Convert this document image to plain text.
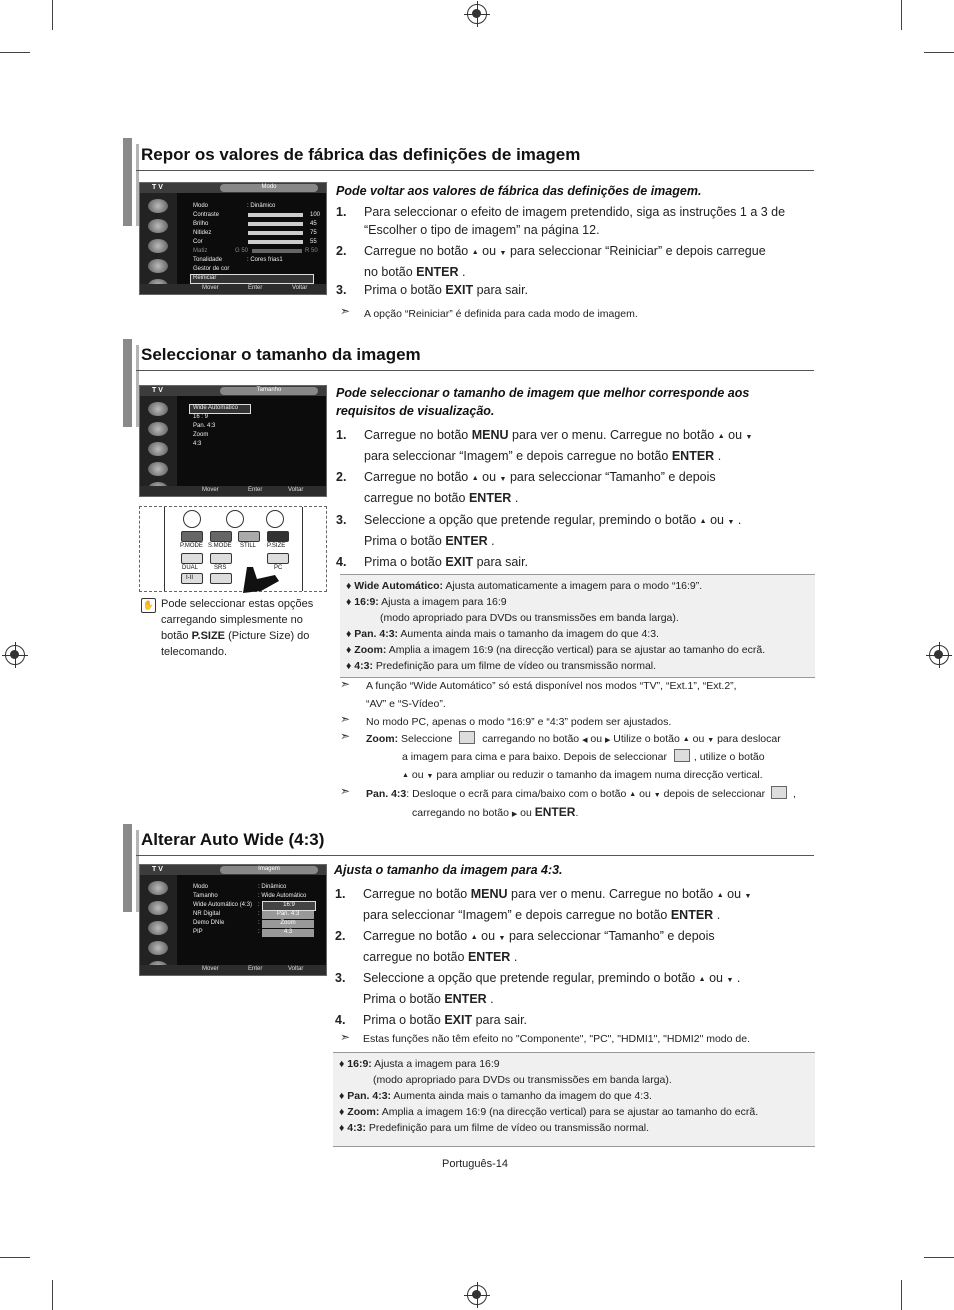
Repor os valores de fábrica das definições de imagem
T V	Modo
Modo
Contraste
Brilho
Nitidez
Cor
Matiz
Tonalidade
Gestor de cor
Reiniciar
: Dinâmico
100
45
75
55
G 50	R 50
: Cores frias1
Mover	Enter	Voltar
Pode voltar aos valores de fábrica das definições de imagem.
1. Para seleccionar o efeito de imagem pretendido, siga as instruções 1 a 3 de
“Escolher o tipo de imagem” na página 12.
2. Carregue no botão ▲ ou ▼ para seleccionar “Reiniciar” e depois carregue
no botão ENTER .
3. Prima o botão EXIT para sair.
➣ A opção “Reiniciar” é definida para cada modo de imagem.
Seleccionar o tamanho da imagem
T V	Tamanho
Wide Automático
16 : 9
Pan. 4:3
Zoom
4:3
Mover	Enter	Voltar
P.MODE S.MODE STILL P.SIZE
DUAL	SRS	PC
I-II
✋ Pode seleccionar estas opções
carregando simplesmente no
botão P.SIZE (Picture Size) do
telecomando.
Pode seleccionar o tamanho de imagem que melhor corresponde aos
requisitos de visualização.
1. Carregue no botão MENU para ver o menu. Carregue no botão ▲ ou ▼
para seleccionar “Imagem” e depois carregue no botão ENTER .
2. Carregue no botão ▲ ou ▼ para seleccionar “Tamanho” e depois
carregue no botão ENTER .
3. Seleccione a opção que pretende regular, premindo o botão ▲ ou ▼ .
Prima o botão ENTER .
4. Prima o botão EXIT para sair.
♦ Wide Automático: Ajusta automaticamente a imagem para o modo “16:9”.
♦ 16:9: Ajusta a imagem para 16:9
(modo apropriado para DVDs ou transmissões em banda larga).
♦ Pan. 4:3: Aumenta ainda mais o tamanho da imagem do que 4:3.
♦ Zoom: Amplia a imagem 16:9 (na direcção vertical) para se ajustar ao tamanho do ecrã.
♦ 4:3: Predefinição para um filme de vídeo ou transmissão normal.
➣ A função “Wide Automático” só está disponível nos modos “TV”, “Ext.1”, “Ext.2”,
“AV” e “S-Vídeo”.
➣ No modo PC, apenas o modo “16:9” e “4:3” podem ser ajustados.
➣ Zoom: Seleccione	carregando no botão ◀ ou ▶ Utilize o botão ▲ ou ▼ para deslocar
a imagem para cima e para baixo. Depois de seleccionar	, utilize o botão
▲ ou ▼ para ampliar ou reduzir o tamanho da imagem numa direcção vertical.
➣ Pan. 4:3: Desloque o ecrã para cima/baixo com o botão ▲ ou ▼ depois de seleccionar	,
carregando no botão ▶ ou ENTER.
Alterar Auto Wide (4:3)
T V	Imagem
Modo
Tamanho
Wide Automático (4:3)
NR Digital
Demo DNIe
PIP
: Dinâmico
: Wide Automático
:
:
:
:
16:9
Pan. 4:3
Zoom
4:3
Mover	Enter	Voltar
Ajusta o tamanho da imagem para 4:3.
1. Carregue no botão MENU para ver o menu. Carregue no botão ▲ ou ▼
para seleccionar “Imagem” e depois carregue no botão ENTER .
2. Carregue no botão ▲ ou ▼ para seleccionar “Tamanho” e depois
carregue no botão ENTER .
3. Seleccione a opção que pretende regular, premindo o botão ▲ ou ▼ .
Prima o botão ENTER .
4. Prima o botão EXIT para sair.
➣ Estas funções não têm efeito no "Componente", "PC", "HDMI1", "HDMI2" modo de.
♦ 16:9: Ajusta a imagem para 16:9
(modo apropriado para DVDs ou transmissões em banda larga).
♦ Pan. 4:3: Aumenta ainda mais o tamanho da imagem do que 4:3.
♦ Zoom: Amplia a imagem 16:9 (na direcção vertical) para se ajustar ao tamanho do ecrã.
♦ 4:3: Predefinição para um filme de vídeo ou transmissão normal.
Português-14
